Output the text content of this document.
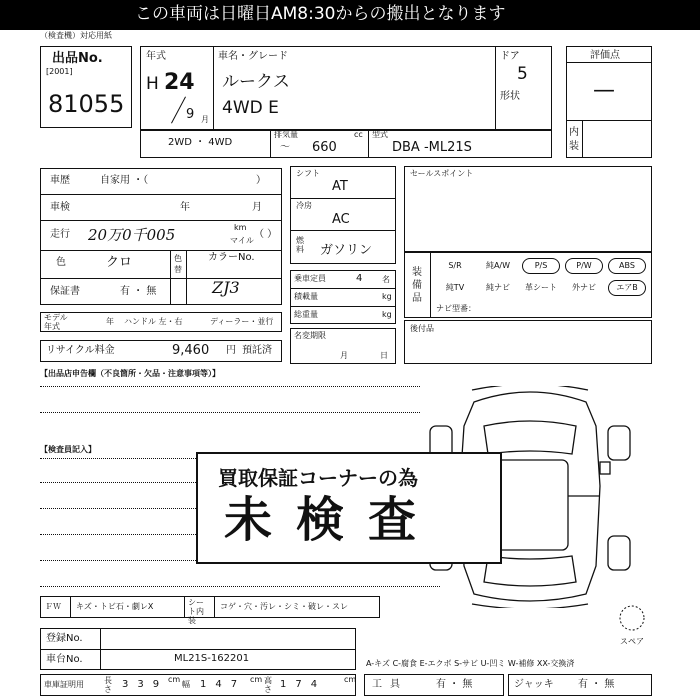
この車両は日曜日AM8:30からの搬出となります
（検査機）対応用紙
出品No.
[2001]
81055
年式
H 24
9 月
車名・グレード
ルークス
4WD E
ドア
5
形状
評価点
—
内装
2WD ・ 4WD
排気量	cc
〜 660
型式
DBA -ML21S
車歴	自家用 ・（	）
車検	年	月
走行 20万0千005	km
マイル
（ ）
色	クロ	色替
カラーNo.
ZJ3
保証書	有 ・ 無
モデル年式
年 ハンドル 左・右	ディーラー・並行
リサイクル料金	9,460 円 預託済
シフト
AT
冷房
AC
燃料 ガソリン
乗車定員	4 名
積載量	kg
総重量	kg
名変期限
月	日
セールスポイント
装備品
S/R	純A/W	P/S	P/W	ABS
純TV	純ナビ	革シート	外ナビ	エアB
ナビ型番：
後付品
【出品店申告欄（不良箇所・欠品・注意事項等）】
【検査員記入】
買取保証コーナーの為
未検査
ＦＷ キズ・トビ石・劇レX	シート内装
コゲ・穴・汚レ・シミ・破レ・スレ
スペア
登録No.
車台No.	ML21S-162201	A-キズ C-腐食 E-エクボ S-サビ U-凹ミ W-補修 XX-交換済
車庫証明用	長さ 339 cm
幅 147 cm 高さ 174 cm 工具	有 ・ 無	ジャッキ 有 ・ 無
